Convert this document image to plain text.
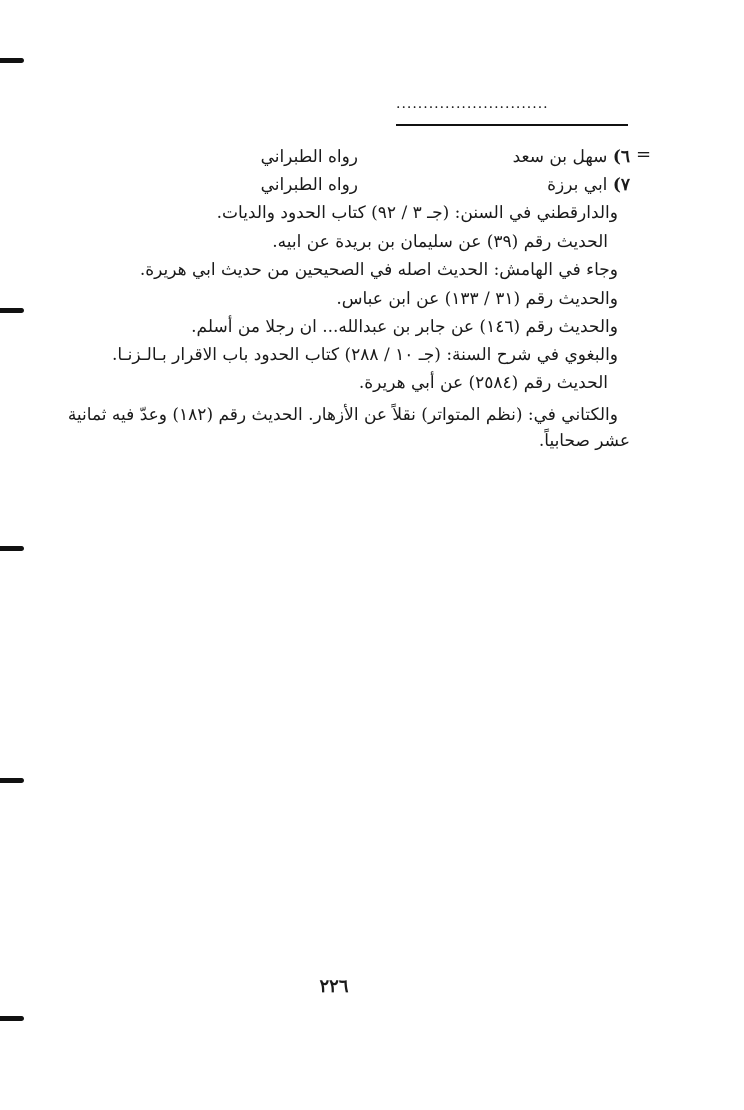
............................
=
٦) سهل بن سعد
رواه الطبراني
٧) ابي برزة
رواه الطبراني
والدارقطني في السنن: (جـ ٣ / ٩٢) كتاب الحدود والديات.
الحديث رقم (٣٩) عن سليمان بن بريدة عن ابيه.
وجاء في الهامش: الحديث اصله في الصحيحين من حديث ابي هريرة.
والحديث رقم (٣١ / ١٣٣) عن ابن عباس.
والحديث رقم (١٤٦) عن جابر بن عبدالله... ان رجلا من أسلم.
والبغوي في شرح السنة: (جـ ١٠ / ٢٨٨) كتاب الحدود باب الاقرار بـالـزنـا.
الحديث رقم (٢٥٨٤) عن أبي هريرة.
والكتاني في: (نظم المتواتر) نقلاً عن الأزهار. الحديث رقم (١٨٢) وعدّ فيه ثمانية
عشر صحابياً.
٢٢٦
